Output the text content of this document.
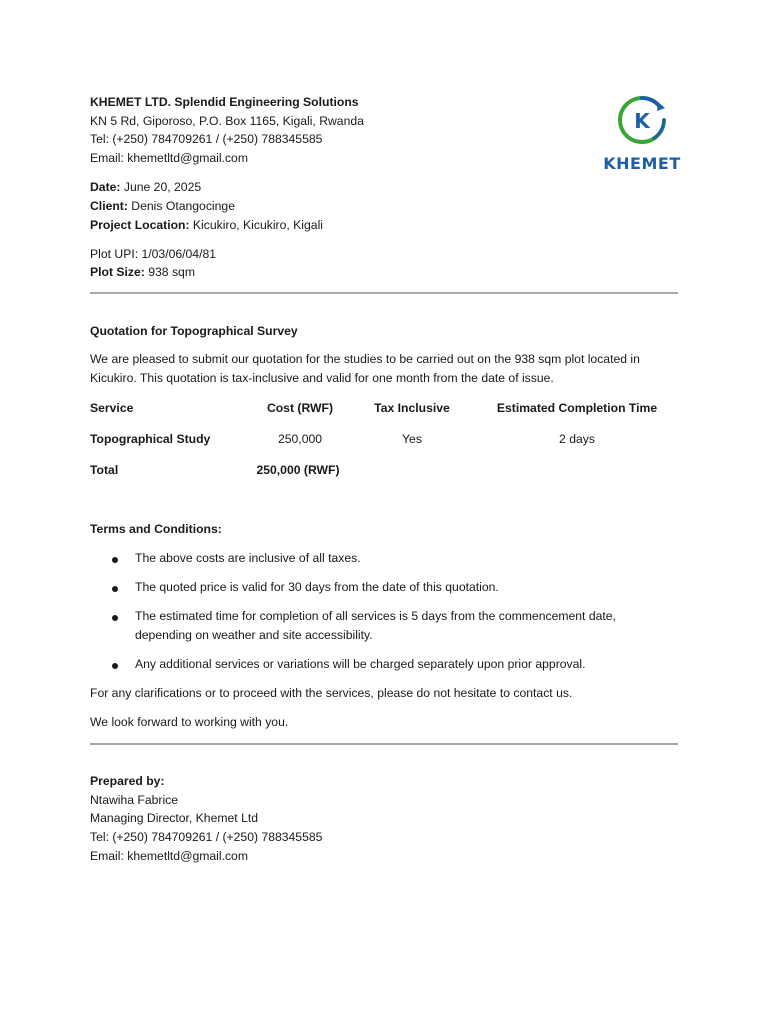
KHEMET LTD. Splendid Engineering Solutions
KN 5 Rd, Giporoso, P.O. Box 1165, Kigali, Rwanda
Tel: (+250) 784709261 / (+250) 788345585
Email: khemetltd@gmail.com
K
KHEMET
Date: June 20, 2025
Client: Denis Otangocinge
Project Location: Kicukiro, Kicukiro, Kigali
Plot UPI: 1/03/06/04/81
Plot Size: 938 sqm
Quotation for Topographical Survey
We are pleased to submit our quotation for the studies to be carried out on the 938 sqm plot located in
Kicukiro. This quotation is tax-inclusive and valid for one month from the date of issue.
Service	Cost (RWF)	Tax Inclusive	Estimated Completion Time
Topographical Study	250,000	Yes	2 days
Total	250,000 (RWF)
Terms and Conditions:
The above costs are inclusive of all taxes.
The quoted price is valid for 30 days from the date of this quotation.
The estimated time for completion of all services is 5 days from the commencement date,
depending on weather and site accessibility.
Any additional services or variations will be charged separately upon prior approval.
For any clarifications or to proceed with the services, please do not hesitate to contact us.
We look forward to working with you.
Prepared by:
Ntawiha Fabrice
Managing Director, Khemet Ltd
Tel: (+250) 784709261 / (+250) 788345585
Email: khemetltd@gmail.com
